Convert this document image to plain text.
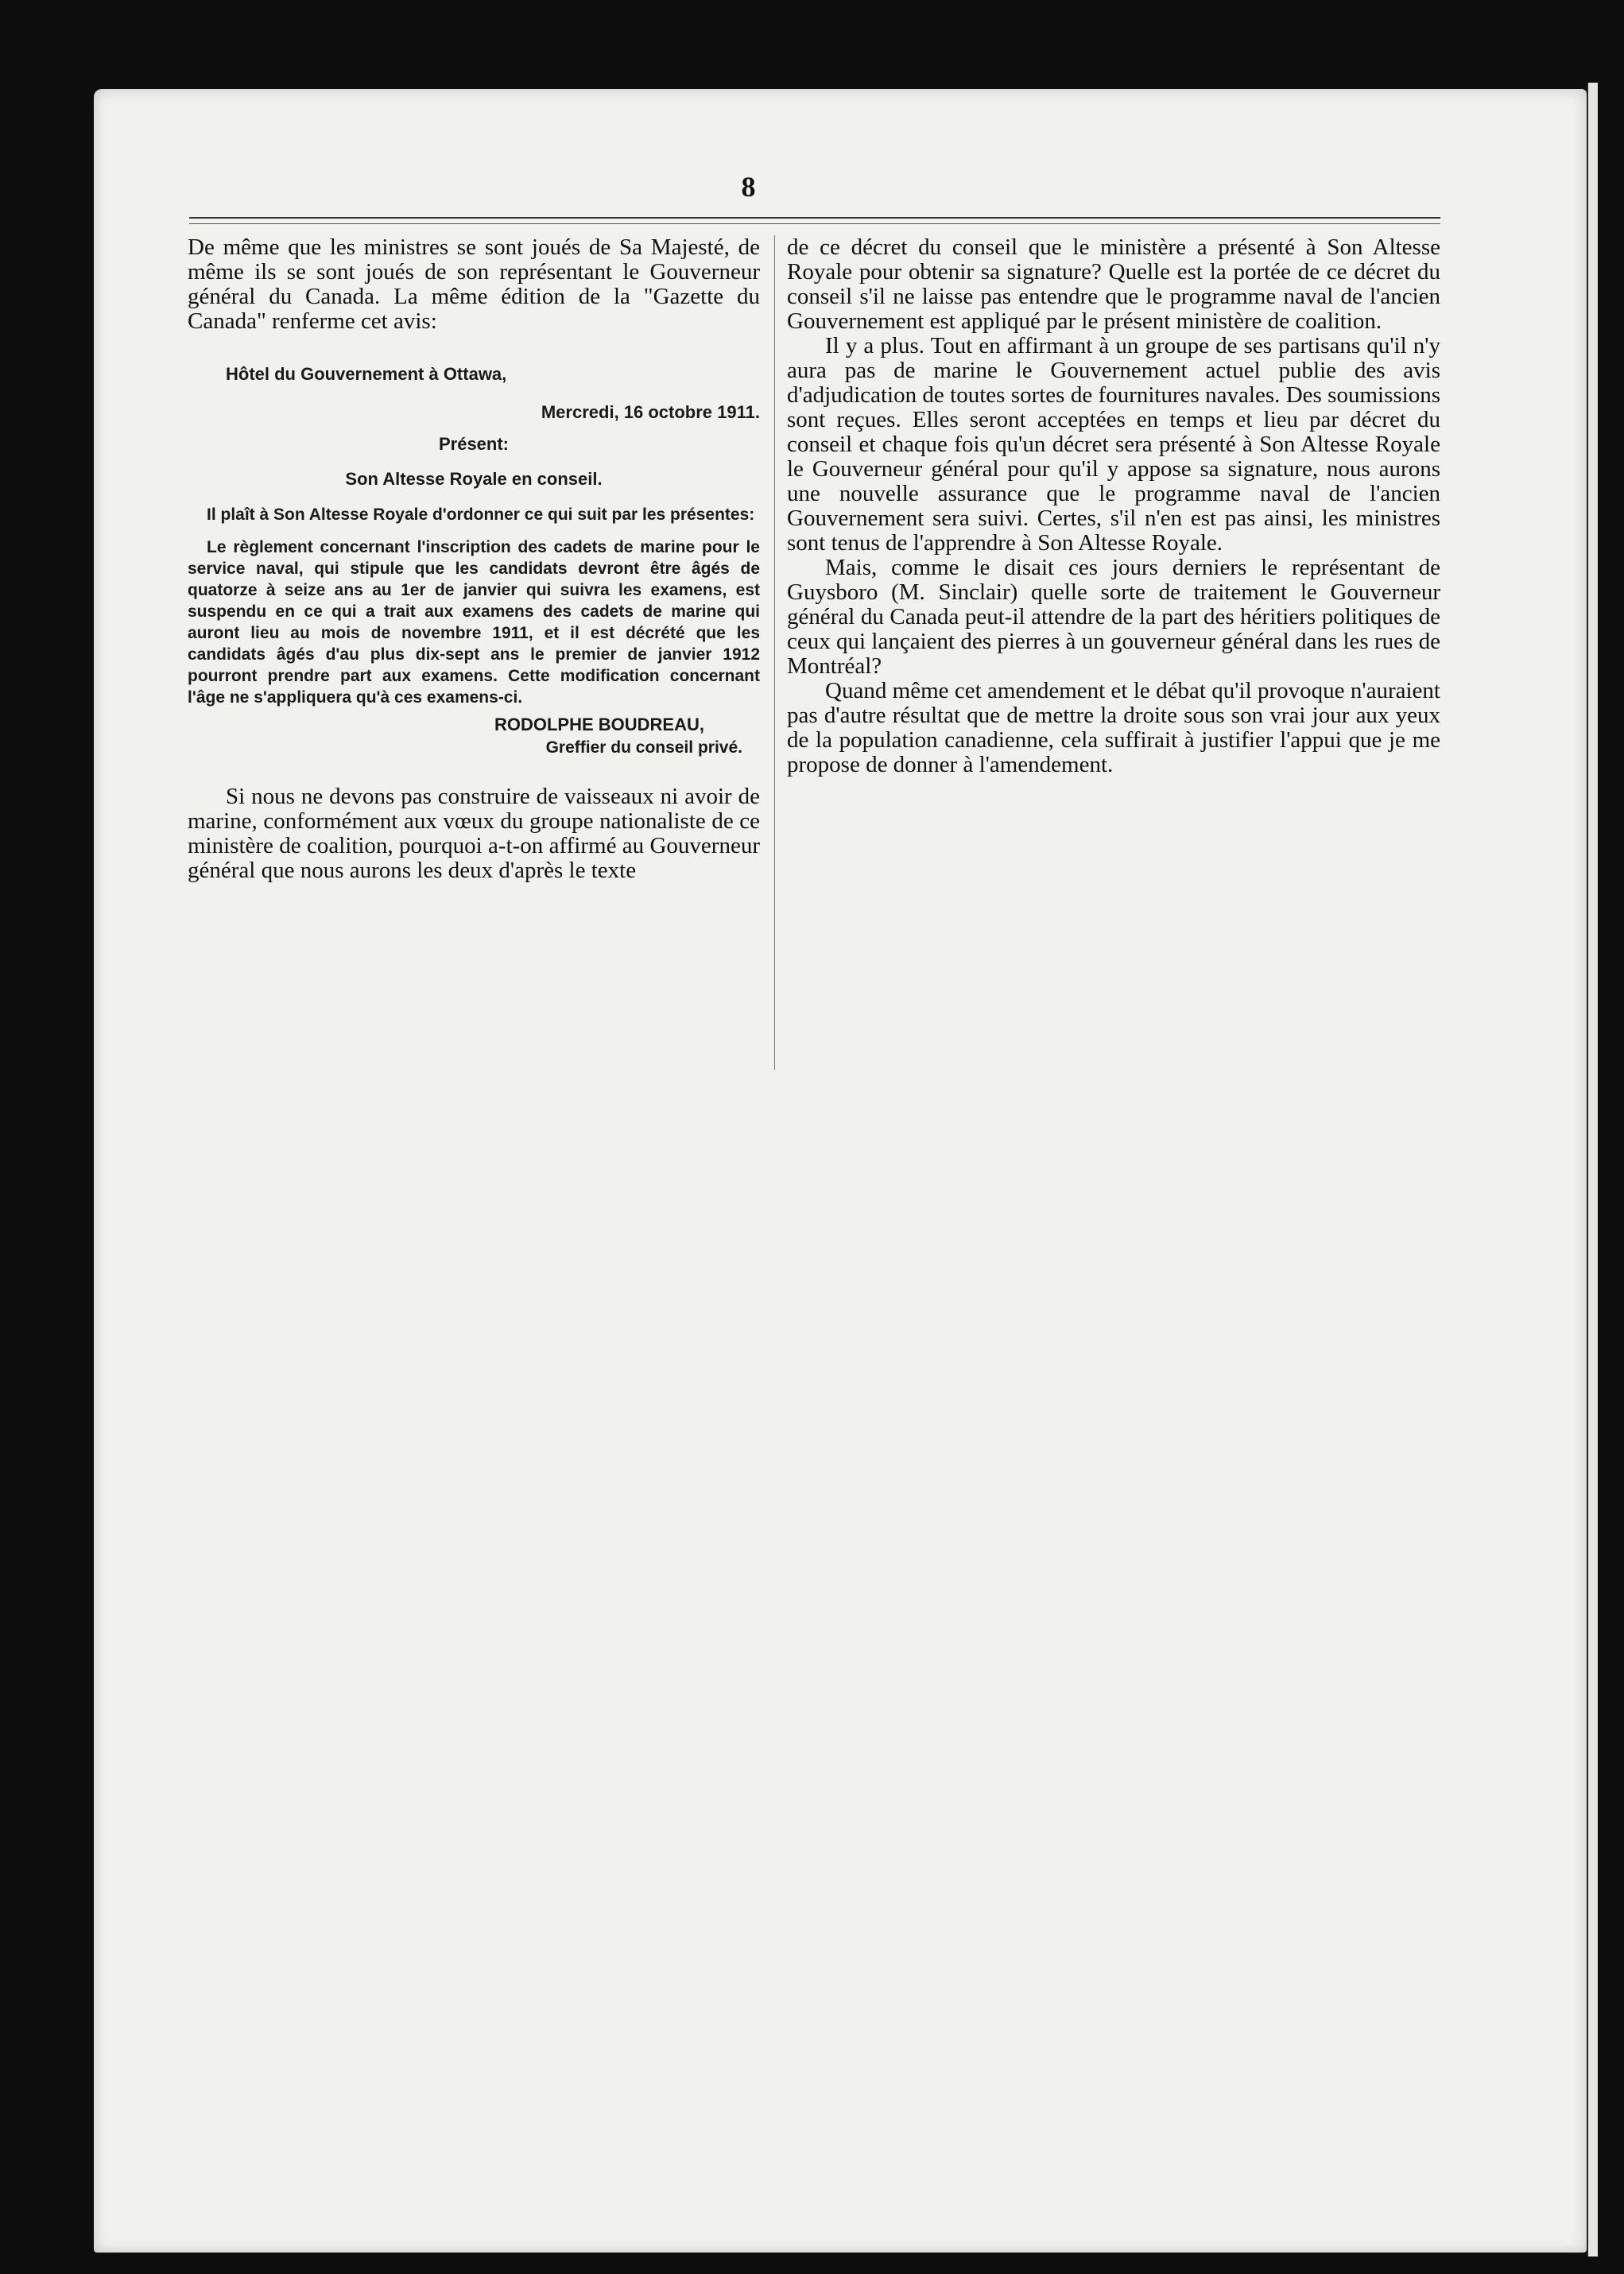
8

De même que les ministres se sont joués de Sa Majesté, de même ils se sont joués de son représentant le Gouverneur général du Canada. La même édition de la "Gazette du Canada" renferme cet avis:

Hôtel du Gouvernement à Ottawa,

Mercredi, 16 octobre 1911.

Présent:

Son Altesse Royale en conseil.

Il plaît à Son Altesse Royale d'ordonner ce qui suit par les présentes:

Le règlement concernant l'inscription des cadets de marine pour le service naval, qui stipule que les candidats devront être âgés de quatorze à seize ans au 1er de janvier qui suivra les examens, est suspendu en ce qui a trait aux examens des cadets de marine qui auront lieu au mois de novembre 1911, et il est décrété que les candidats âgés d'au plus dix-sept ans le premier de janvier 1912 pourront prendre part aux examens. Cette modification concernant l'âge ne s'appliquera qu'à ces examens-ci.

RODOLPHE BOUDREAU,

Greffier du conseil privé.

Si nous ne devons pas construire de vaisseaux ni avoir de marine, conformément aux vœux du groupe nationaliste de ce ministère de coalition, pourquoi a-t-on affirmé au Gouverneur général que nous aurons les deux d'après le texte

de ce décret du conseil que le ministère a présenté à Son Altesse Royale pour obtenir sa signature? Quelle est la portée de ce décret du conseil s'il ne laisse pas entendre que le programme naval de l'ancien Gouvernement est appliqué par le présent ministère de coalition.

Il y a plus. Tout en affirmant à un groupe de ses partisans qu'il n'y aura pas de marine le Gouvernement actuel publie des avis d'adjudication de toutes sortes de fournitures navales. Des soumissions sont reçues. Elles seront acceptées en temps et lieu par décret du conseil et chaque fois qu'un décret sera présenté à Son Altesse Royale le Gouverneur général pour qu'il y appose sa signature, nous aurons une nouvelle assurance que le programme naval de l'ancien Gouvernement sera suivi. Certes, s'il n'en est pas ainsi, les ministres sont tenus de l'apprendre à Son Altesse Royale.

Mais, comme le disait ces jours derniers le représentant de Guysboro (M. Sinclair) quelle sorte de traitement le Gouverneur général du Canada peut-il attendre de la part des héritiers politiques de ceux qui lançaient des pierres à un gouverneur général dans les rues de Montréal?

Quand même cet amendement et le débat qu'il provoque n'auraient pas d'autre résultat que de mettre la droite sous son vrai jour aux yeux de la population canadienne, cela suffirait à justifier l'appui que je me propose de donner à l'amendement.
